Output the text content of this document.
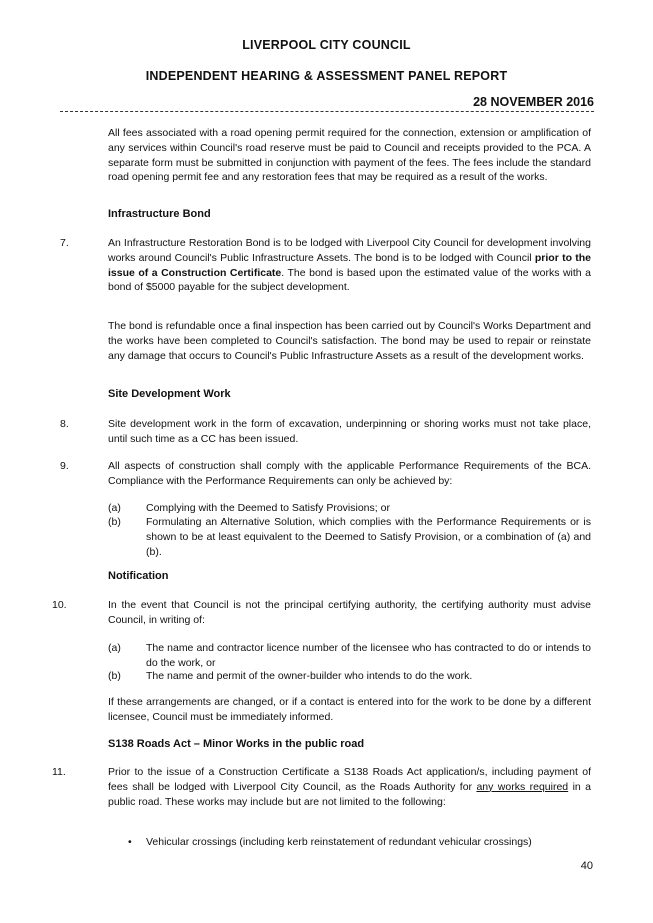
LIVERPOOL CITY COUNCIL
INDEPENDENT HEARING & ASSESSMENT PANEL REPORT
28 NOVEMBER 2016

All fees associated with a road opening permit required for the connection, extension or amplification of any services within Council's road reserve must be paid to Council and receipts provided to the PCA. A separate form must be submitted in conjunction with payment of the fees. The fees include the standard road opening permit fee and any restoration fees that may be required as a result of the works.

Infrastructure Bond

7.	An Infrastructure Restoration Bond is to be lodged with Liverpool City Council for development involving works around Council's Public Infrastructure Assets. The bond is to be lodged with Council prior to the issue of a Construction Certificate. The bond is based upon the estimated value of the works with a bond of $5000 payable for the subject development.

The bond is refundable once a final inspection has been carried out by Council's Works Department and the works have been completed to Council's satisfaction. The bond may be used to repair or reinstate any damage that occurs to Council's Public Infrastructure Assets as a result of the development works.

Site Development Work

8.	Site development work in the form of excavation, underpinning or shoring works must not take place, until such time as a CC has been issued.

9.	All aspects of construction shall comply with the applicable Performance Requirements of the BCA. Compliance with the Performance Requirements can only be achieved by:

(a) Complying with the Deemed to Satisfy Provisions; or

(b) Formulating an Alternative Solution, which complies with the Performance Requirements or is shown to be at least equivalent to the Deemed to Satisfy Provision, or a combination of (a) and (b).

Notification

10.	In the event that Council is not the principal certifying authority, the certifying authority must advise Council, in writing of:

(a) The name and contractor licence number of the licensee who has contracted to do or intends to do the work, or

(b) The name and permit of the owner-builder who intends to do the work.

If these arrangements are changed, or if a contact is entered into for the work to be done by a different licensee, Council must be immediately informed.

S138 Roads Act – Minor Works in the public road

11.	Prior to the issue of a Construction Certificate a S138 Roads Act application/s, including payment of fees shall be lodged with Liverpool City Council, as the Roads Authority for any works required in a public road. These works may include but are not limited to the following:

• Vehicular crossings (including kerb reinstatement of redundant vehicular crossings)

40
